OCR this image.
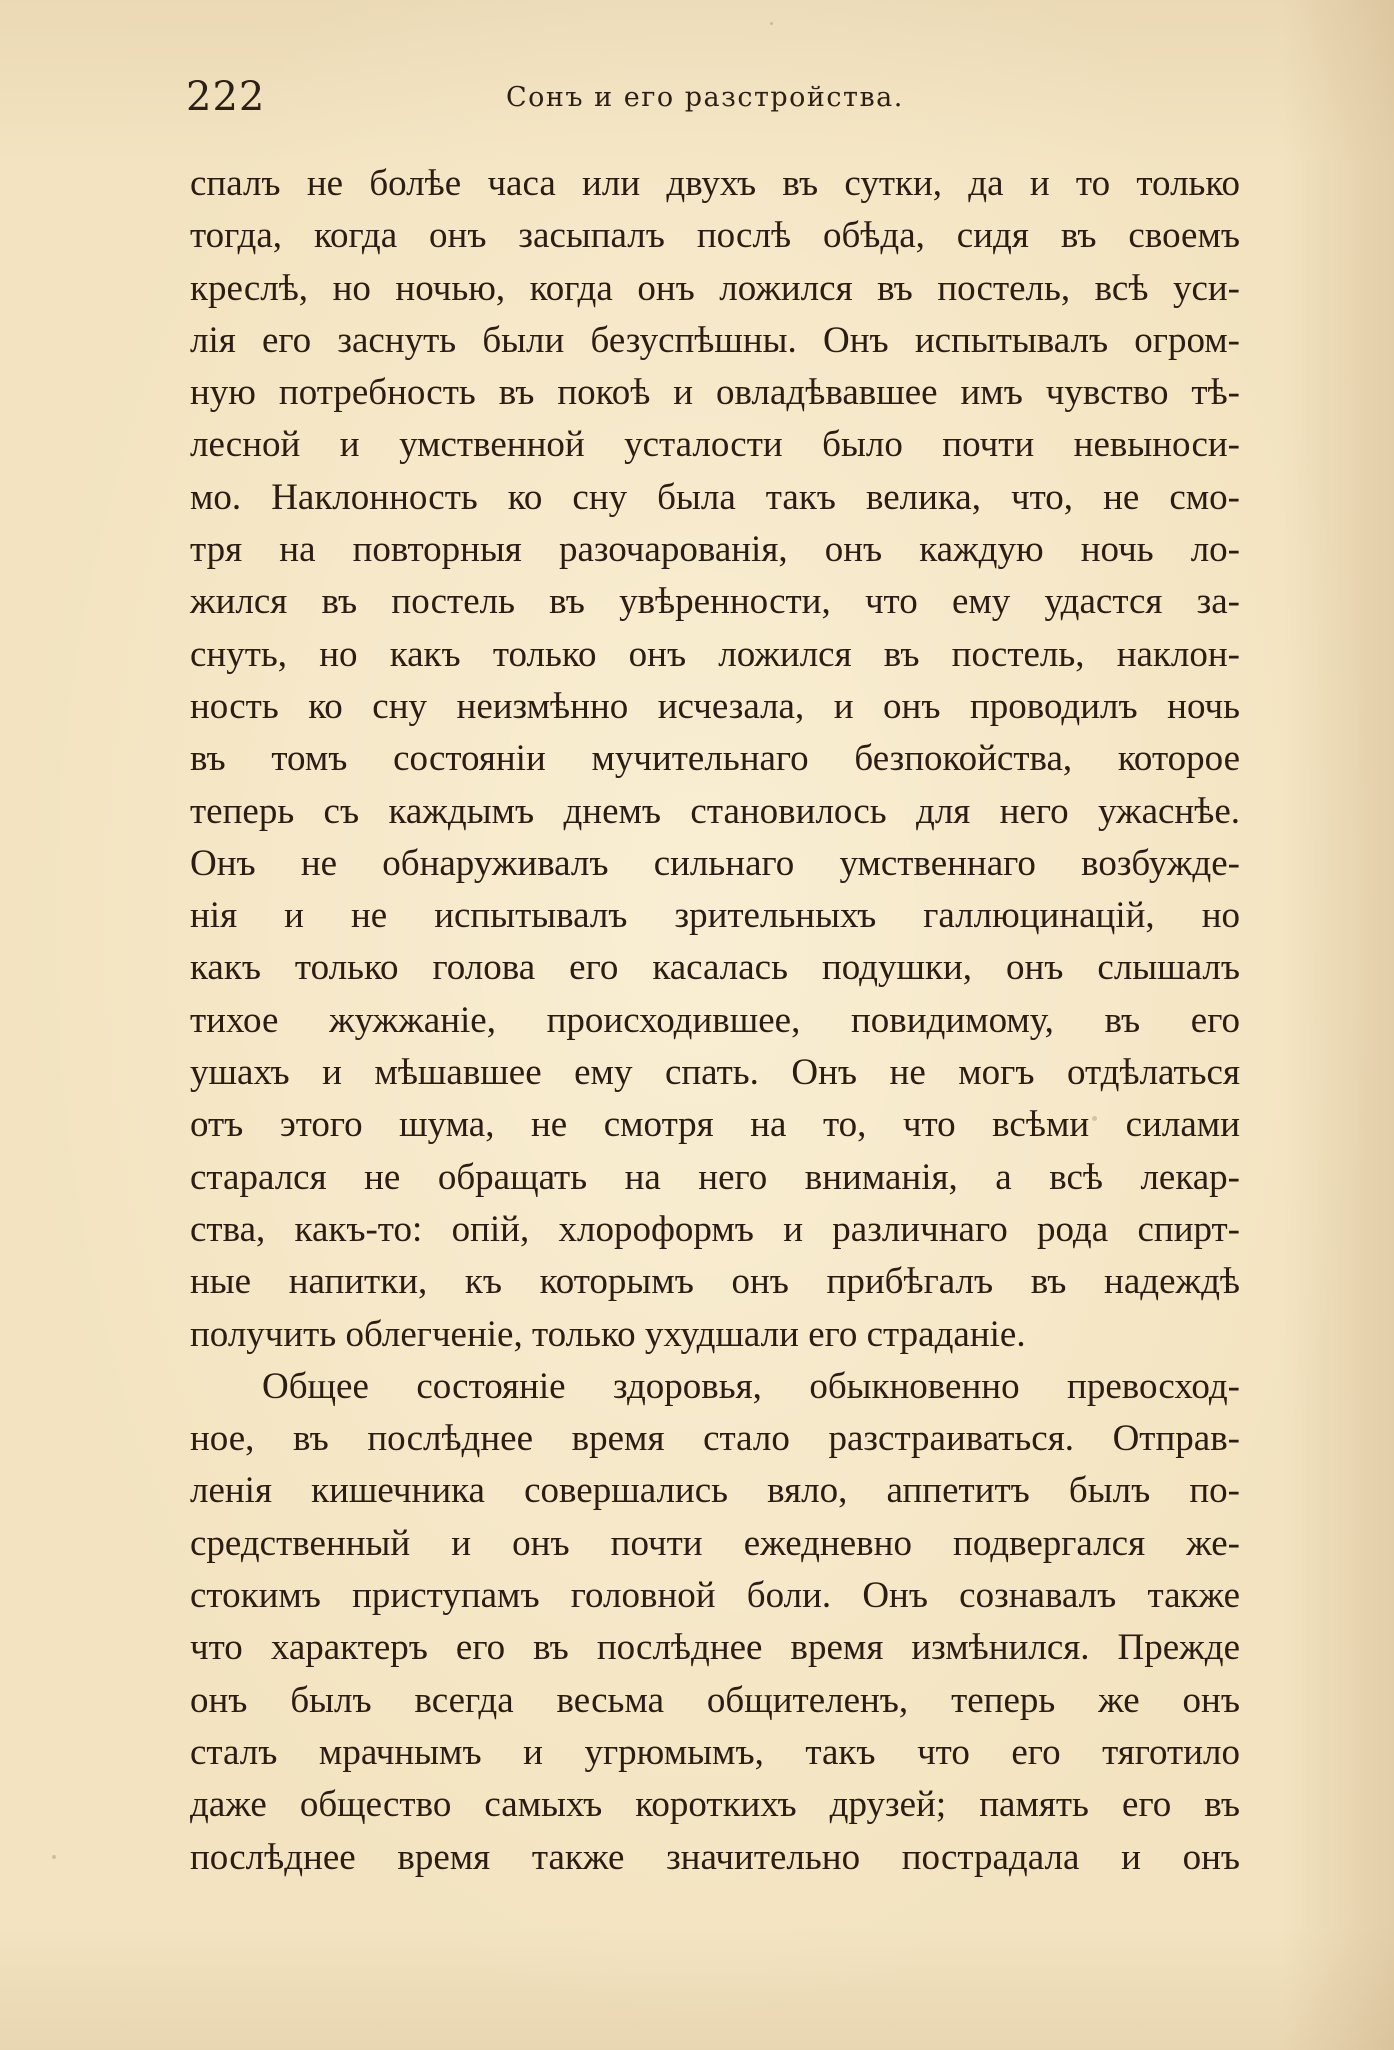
222	Сонъ и его разстройства.
спалъ не болѣе часа или двухъ въ сутки, да и то только
тогда, когда онъ засыпалъ послѣ обѣда, сидя въ своемъ
креслѣ, но ночью, когда онъ ложился въ постель, всѣ уси-
лія его заснуть были безуспѣшны. Онъ испытывалъ огром-
ную потребность въ покоѣ и овладѣвавшее имъ чувство тѣ-
лесной и умственной усталости было почти невыноси-
мо. Наклонность ко сну была такъ велика, что, не смо-
тря на повторныя разочарованія, онъ каждую ночь ло-
жился въ постель въ увѣренности, что ему удастся за-
снуть, но какъ только онъ ложился въ постель, наклон-
ность ко сну неизмѣнно исчезала, и онъ проводилъ ночь
въ томъ состояніи мучительнаго безпокойства, которое
теперь съ каждымъ днемъ становилось для него ужаснѣе.
Онъ не обнаруживалъ сильнаго умственнаго возбужде-
нія и не испытывалъ зрительныхъ галлюцинацій, но
какъ только голова его касалась подушки, онъ слышалъ
тихое жужжаніе, происходившее, повидимому, въ его
ушахъ и мѣшавшее ему спать. Онъ не могъ отдѣлаться
отъ этого шума, не смотря на то, что всѣми силами
старался не обращать на него вниманія, а всѣ лекар-
ства, какъ-то: опій, хлороформъ и различнаго рода спирт-
ные напитки, къ которымъ онъ прибѣгалъ въ надеждѣ
получить облегченіе, только ухудшали его страданіе.
Общее состояніе здоровья, обыкновенно превосход-
ное, въ послѣднее время стало разстраиваться. Отправ-
ленія кишечника совершались вяло, аппетитъ былъ по-
средственный и онъ почти ежедневно подвергался же-
стокимъ приступамъ головной боли. Онъ сознавалъ также
что характеръ его въ послѣднее время измѣнился. Прежде
онъ былъ всегда весьма общителенъ, теперь же онъ
сталъ мрачнымъ и угрюмымъ, такъ что его тяготило
даже общество самыхъ короткихъ друзей; память его въ
послѣднее время также значительно пострадала и онъ
